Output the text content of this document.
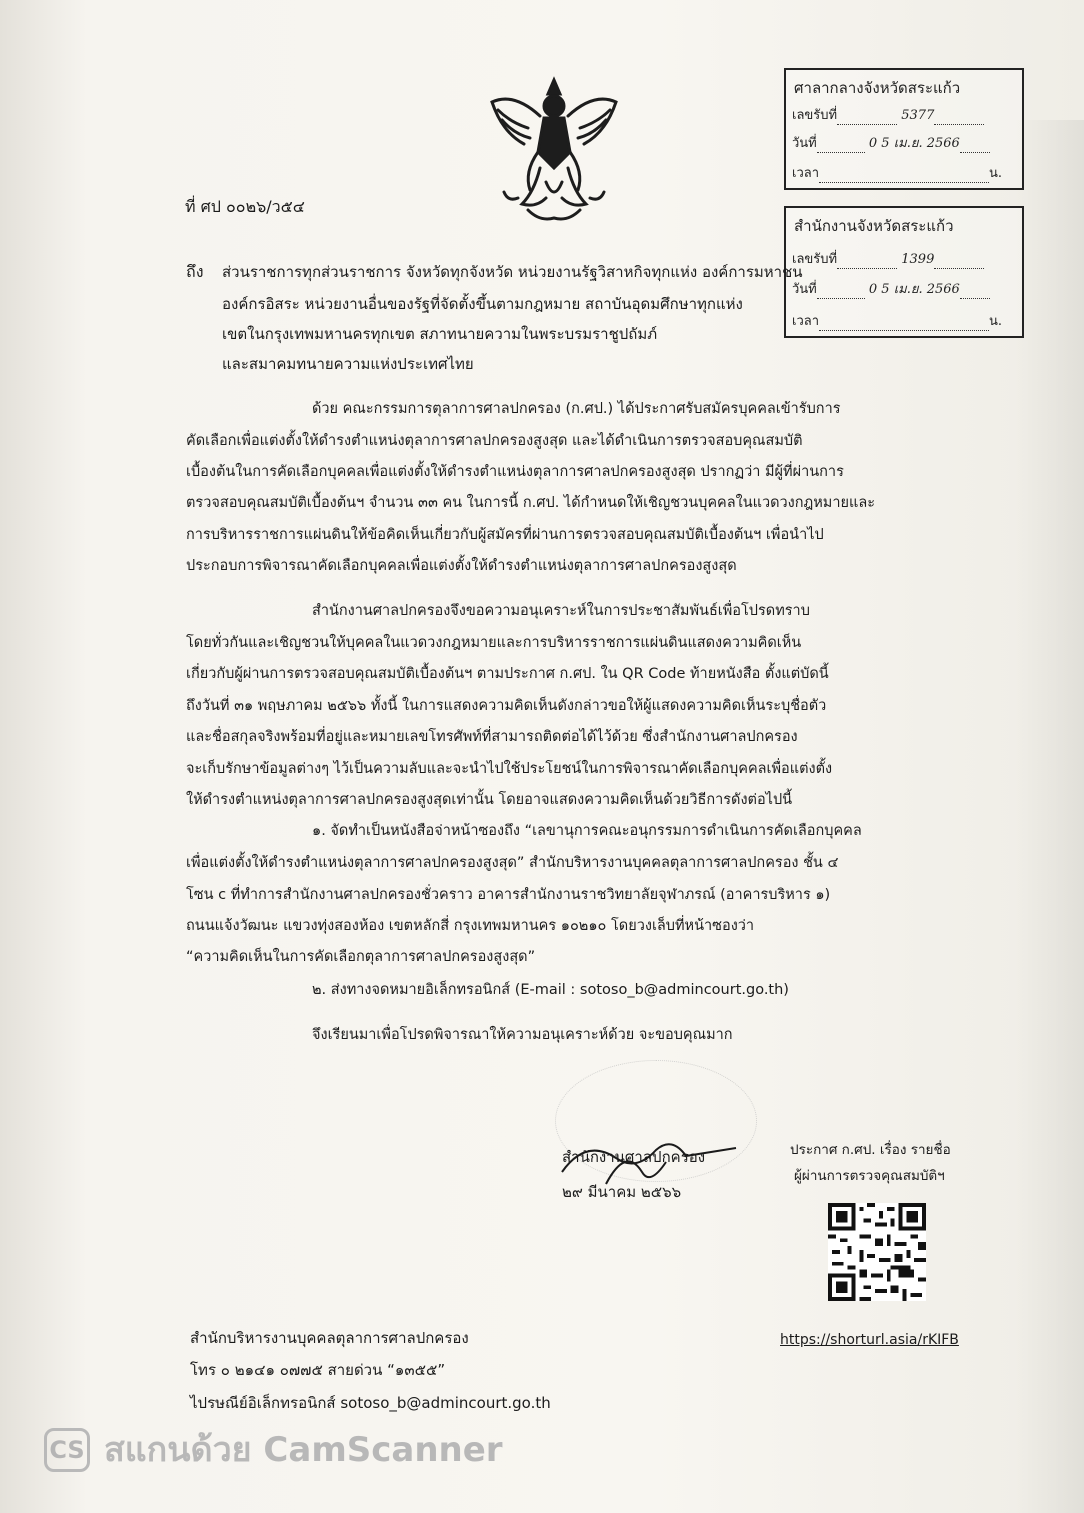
ที่ ศป ๐๐๒๖/ว๕๔
ศาลากลางจังหวัดสระแก้ว
เลขรับที่	5377
วันที่	0 5 เม.ย. 2566
เวลา	น.
สำนักงานจังหวัดสระแก้ว
เลขรับที่	1399
วันที่	0 5 เม.ย. 2566
เวลา	น.
ถึง ส่วนราชการทุกส่วนราชการ จังหวัดทุกจังหวัด หน่วยงานรัฐวิสาหกิจทุกแห่ง องค์การมหาชน
องค์กรอิสระ หน่วยงานอื่นของรัฐที่จัดตั้งขึ้นตามกฎหมาย สถาบันอุดมศึกษาทุกแห่ง
เขตในกรุงเทพมหานครทุกเขต สภาทนายความในพระบรมราชูปถัมภ์
และสมาคมทนายความแห่งประเทศไทย
ด้วย คณะกรรมการตุลาการศาลปกครอง (ก.ศป.) ได้ประกาศรับสมัครบุคคลเข้ารับการ
คัดเลือกเพื่อแต่งตั้งให้ดำรงตำแหน่งตุลาการศาลปกครองสูงสุด และได้ดำเนินการตรวจสอบคุณสมบัติ
เบื้องต้นในการคัดเลือกบุคคลเพื่อแต่งตั้งให้ดำรงตำแหน่งตุลาการศาลปกครองสูงสุด ปรากฏว่า มีผู้ที่ผ่านการ
ตรวจสอบคุณสมบัติเบื้องต้นฯ จำนวน ๓๓ คน ในการนี้ ก.ศป. ได้กำหนดให้เชิญชวนบุคคลในแวดวงกฎหมายและ
การบริหารราชการแผ่นดินให้ข้อคิดเห็นเกี่ยวกับผู้สมัครที่ผ่านการตรวจสอบคุณสมบัติเบื้องต้นฯ เพื่อนำไป
ประกอบการพิจารณาคัดเลือกบุคคลเพื่อแต่งตั้งให้ดำรงตำแหน่งตุลาการศาลปกครองสูงสุด
สำนักงานศาลปกครองจึงขอความอนุเคราะห์ในการประชาสัมพันธ์เพื่อโปรดทราบ
โดยทั่วกันและเชิญชวนให้บุคคลในแวดวงกฎหมายและการบริหารราชการแผ่นดินแสดงความคิดเห็น
เกี่ยวกับผู้ผ่านการตรวจสอบคุณสมบัติเบื้องต้นฯ ตามประกาศ ก.ศป. ใน QR Code ท้ายหนังสือ ตั้งแต่บัดนี้
ถึงวันที่ ๓๑ พฤษภาคม ๒๕๖๖ ทั้งนี้ ในการแสดงความคิดเห็นดังกล่าวขอให้ผู้แสดงความคิดเห็นระบุชื่อตัว
และชื่อสกุลจริงพร้อมที่อยู่และหมายเลขโทรศัพท์ที่สามารถติดต่อได้ไว้ด้วย ซึ่งสำนักงานศาลปกครอง
จะเก็บรักษาข้อมูลต่างๆ ไว้เป็นความลับและจะนำไปใช้ประโยชน์ในการพิจารณาคัดเลือกบุคคลเพื่อแต่งตั้ง
ให้ดำรงตำแหน่งตุลาการศาลปกครองสูงสุดเท่านั้น โดยอาจแสดงความคิดเห็นด้วยวิธีการดังต่อไปนี้
๑. จัดทำเป็นหนังสือจ่าหน้าซองถึง “เลขานุการคณะอนุกรรมการดำเนินการคัดเลือกบุคคล
เพื่อแต่งตั้งให้ดำรงตำแหน่งตุลาการศาลปกครองสูงสุด” สำนักบริหารงานบุคคลตุลาการศาลปกครอง ชั้น ๔
โซน c ที่ทำการสำนักงานศาลปกครองชั่วคราว อาคารสำนักงานราชวิทยาลัยจุฬาภรณ์ (อาคารบริหาร ๑)
ถนนแจ้งวัฒนะ แขวงทุ่งสองห้อง เขตหลักสี่ กรุงเทพมหานคร ๑๐๒๑๐ โดยวงเล็บที่หน้าซองว่า
“ความคิดเห็นในการคัดเลือกตุลาการศาลปกครองสูงสุด”
๒. ส่งทางจดหมายอิเล็กทรอนิกส์ (E-mail : sotoso_b@admincourt.go.th)
จึงเรียนมาเพื่อโปรดพิจารณาให้ความอนุเคราะห์ด้วย จะขอบคุณมาก
สำนักงานศาลปกครอง
๒๙ มีนาคม ๒๕๖๖
ประกาศ ก.ศป. เรื่อง รายชื่อ
ผู้ผ่านการตรวจคุณสมบัติฯ
https://shorturl.asia/rKIFB
สำนักบริหารงานบุคคลตุลาการศาลปกครอง
โทร ๐ ๒๑๔๑ ๐๗๗๕ สายด่วน “๑๓๕๕”
ไปรษณีย์อิเล็กทรอนิกส์ sotoso_b@admincourt.go.th
CS สแกนด้วย CamScanner
